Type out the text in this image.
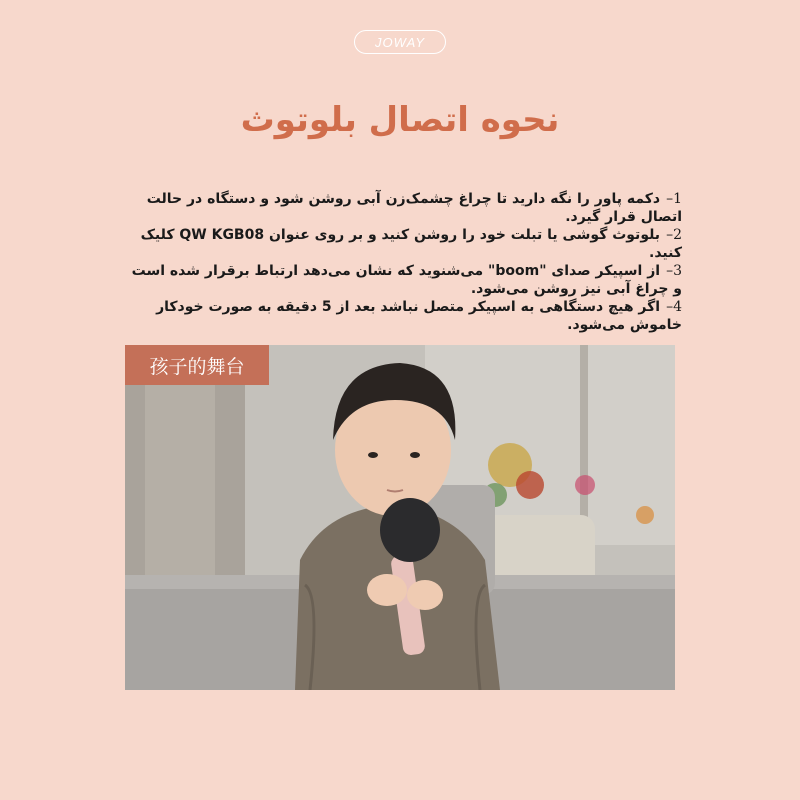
JOWAY
نحوه اتصال بلوتوث
1–دکمه پاور را نگه دارید تا چراغ چشمک‌زن آبی روشن شود و دستگاه در حالت اتصال قرار گیرد.
2–بلوتوث گوشی یا تبلت خود را روشن کنید و بر روی عنوان QW KGB08 کلیک کنید.
3–از اسپیکر صدای "boom" می‌شنوید که نشان می‌دهد ارتباط برقرار شده است و چراغ آبی نیز روشن می‌شود.
4–اگر هیچ دستگاهی به اسپیکر متصل نباشد بعد از 5 دقیقه به صورت خودکار خاموش می‌شود.
孩子的舞台
